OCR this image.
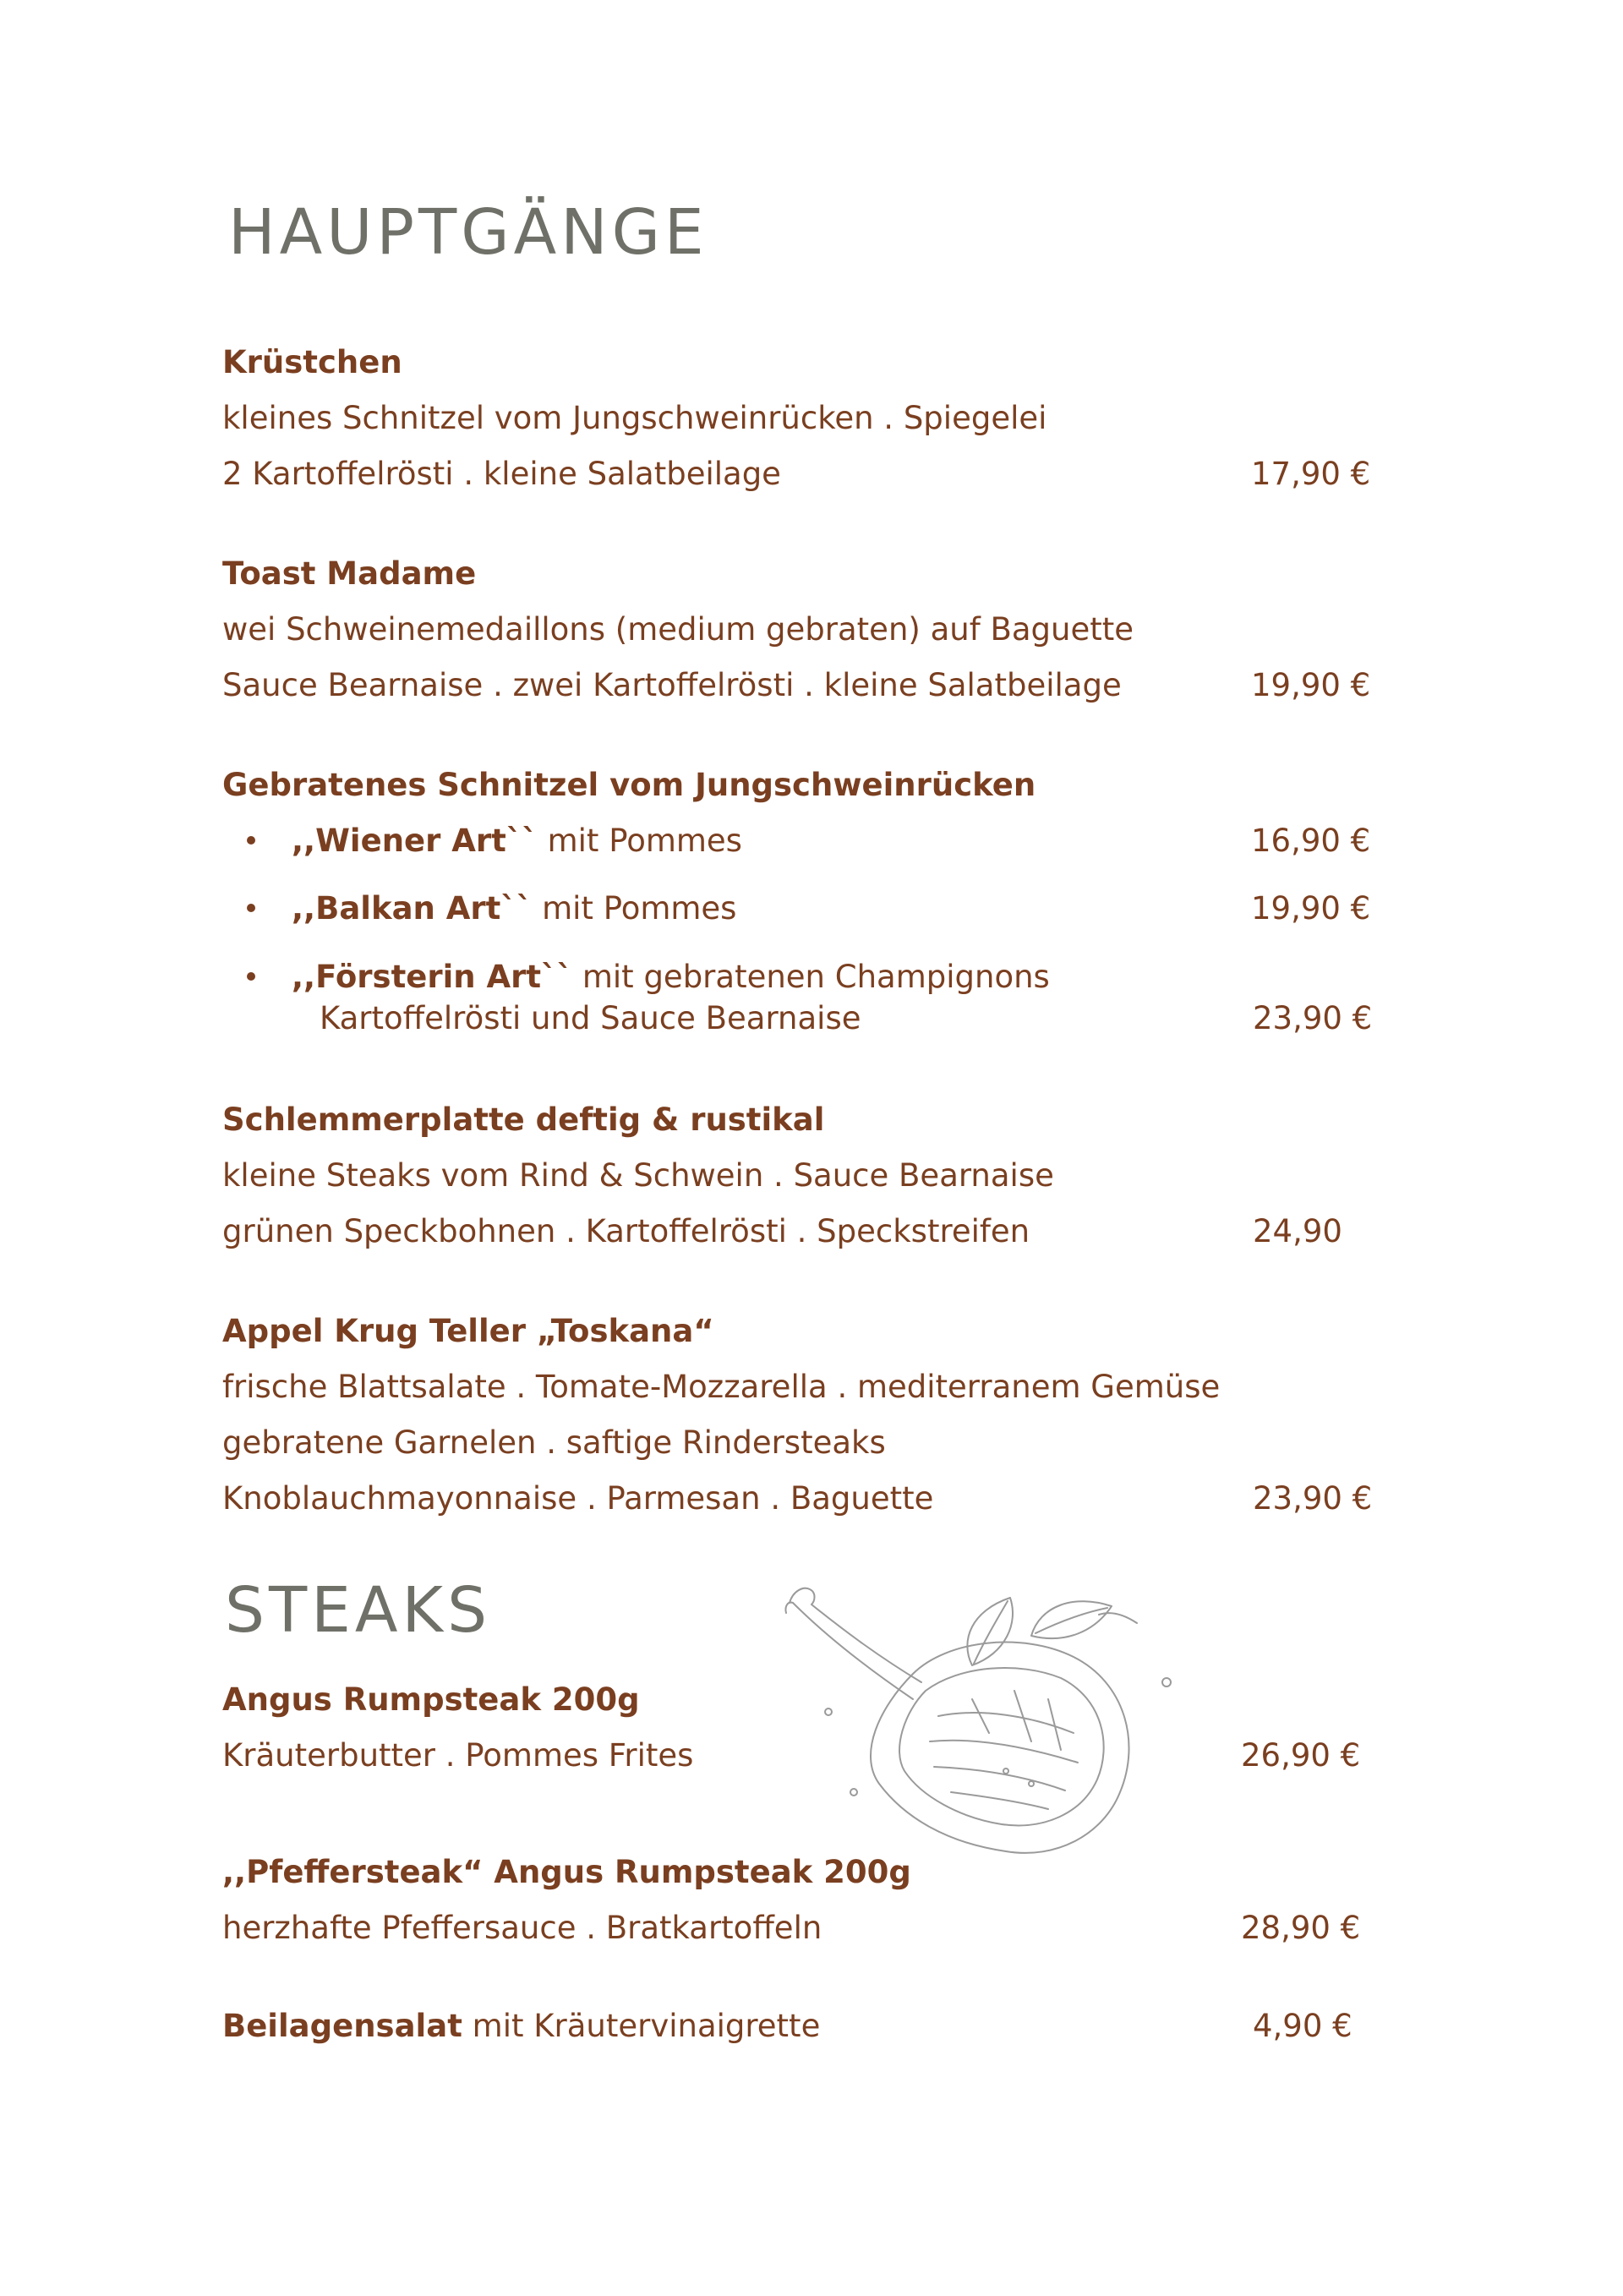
HAUPTGÄNGE
Krüstchen
kleines Schnitzel vom Jungschweinrücken . Spiegelei
2 Kartoffelrösti . kleine Salatbeilage	17,90 €
Toast Madame
wei Schweinemedaillons (medium gebraten) auf Baguette
Sauce Bearnaise . zwei Kartoffelrösti . kleine Salatbeilage	19,90 €
Gebratenes Schnitzel vom Jungschweinrücken
,,Wiener Art`` mit Pommes	16,90 €
,,Balkan Art`` mit Pommes	19,90 €
,,Försterin Art`` mit gebratenen Champignons
Kartoffelrösti und Sauce Bearnaise	23,90 €
Schlemmerplatte deftig & rustikal
kleine Steaks vom Rind & Schwein . Sauce Bearnaise
grünen Speckbohnen . Kartoffelrösti . Speckstreifen	24,90
Appel Krug Teller „Toskana“
frische Blattsalate . Tomate-Mozzarella . mediterranem Gemüse
gebratene Garnelen . saftige Rindersteaks
Knoblauchmayonnaise . Parmesan . Baguette	23,90 €
STEAKS
Angus Rumpsteak 200g
Kräuterbutter . Pommes Frites	26,90 €
,,Pfeffersteak“ Angus Rumpsteak 200g
herzhafte Pfeffersauce . Bratkartoffeln	28,90 €
Beilagensalat mit Kräutervinaigrette	4,90 €
